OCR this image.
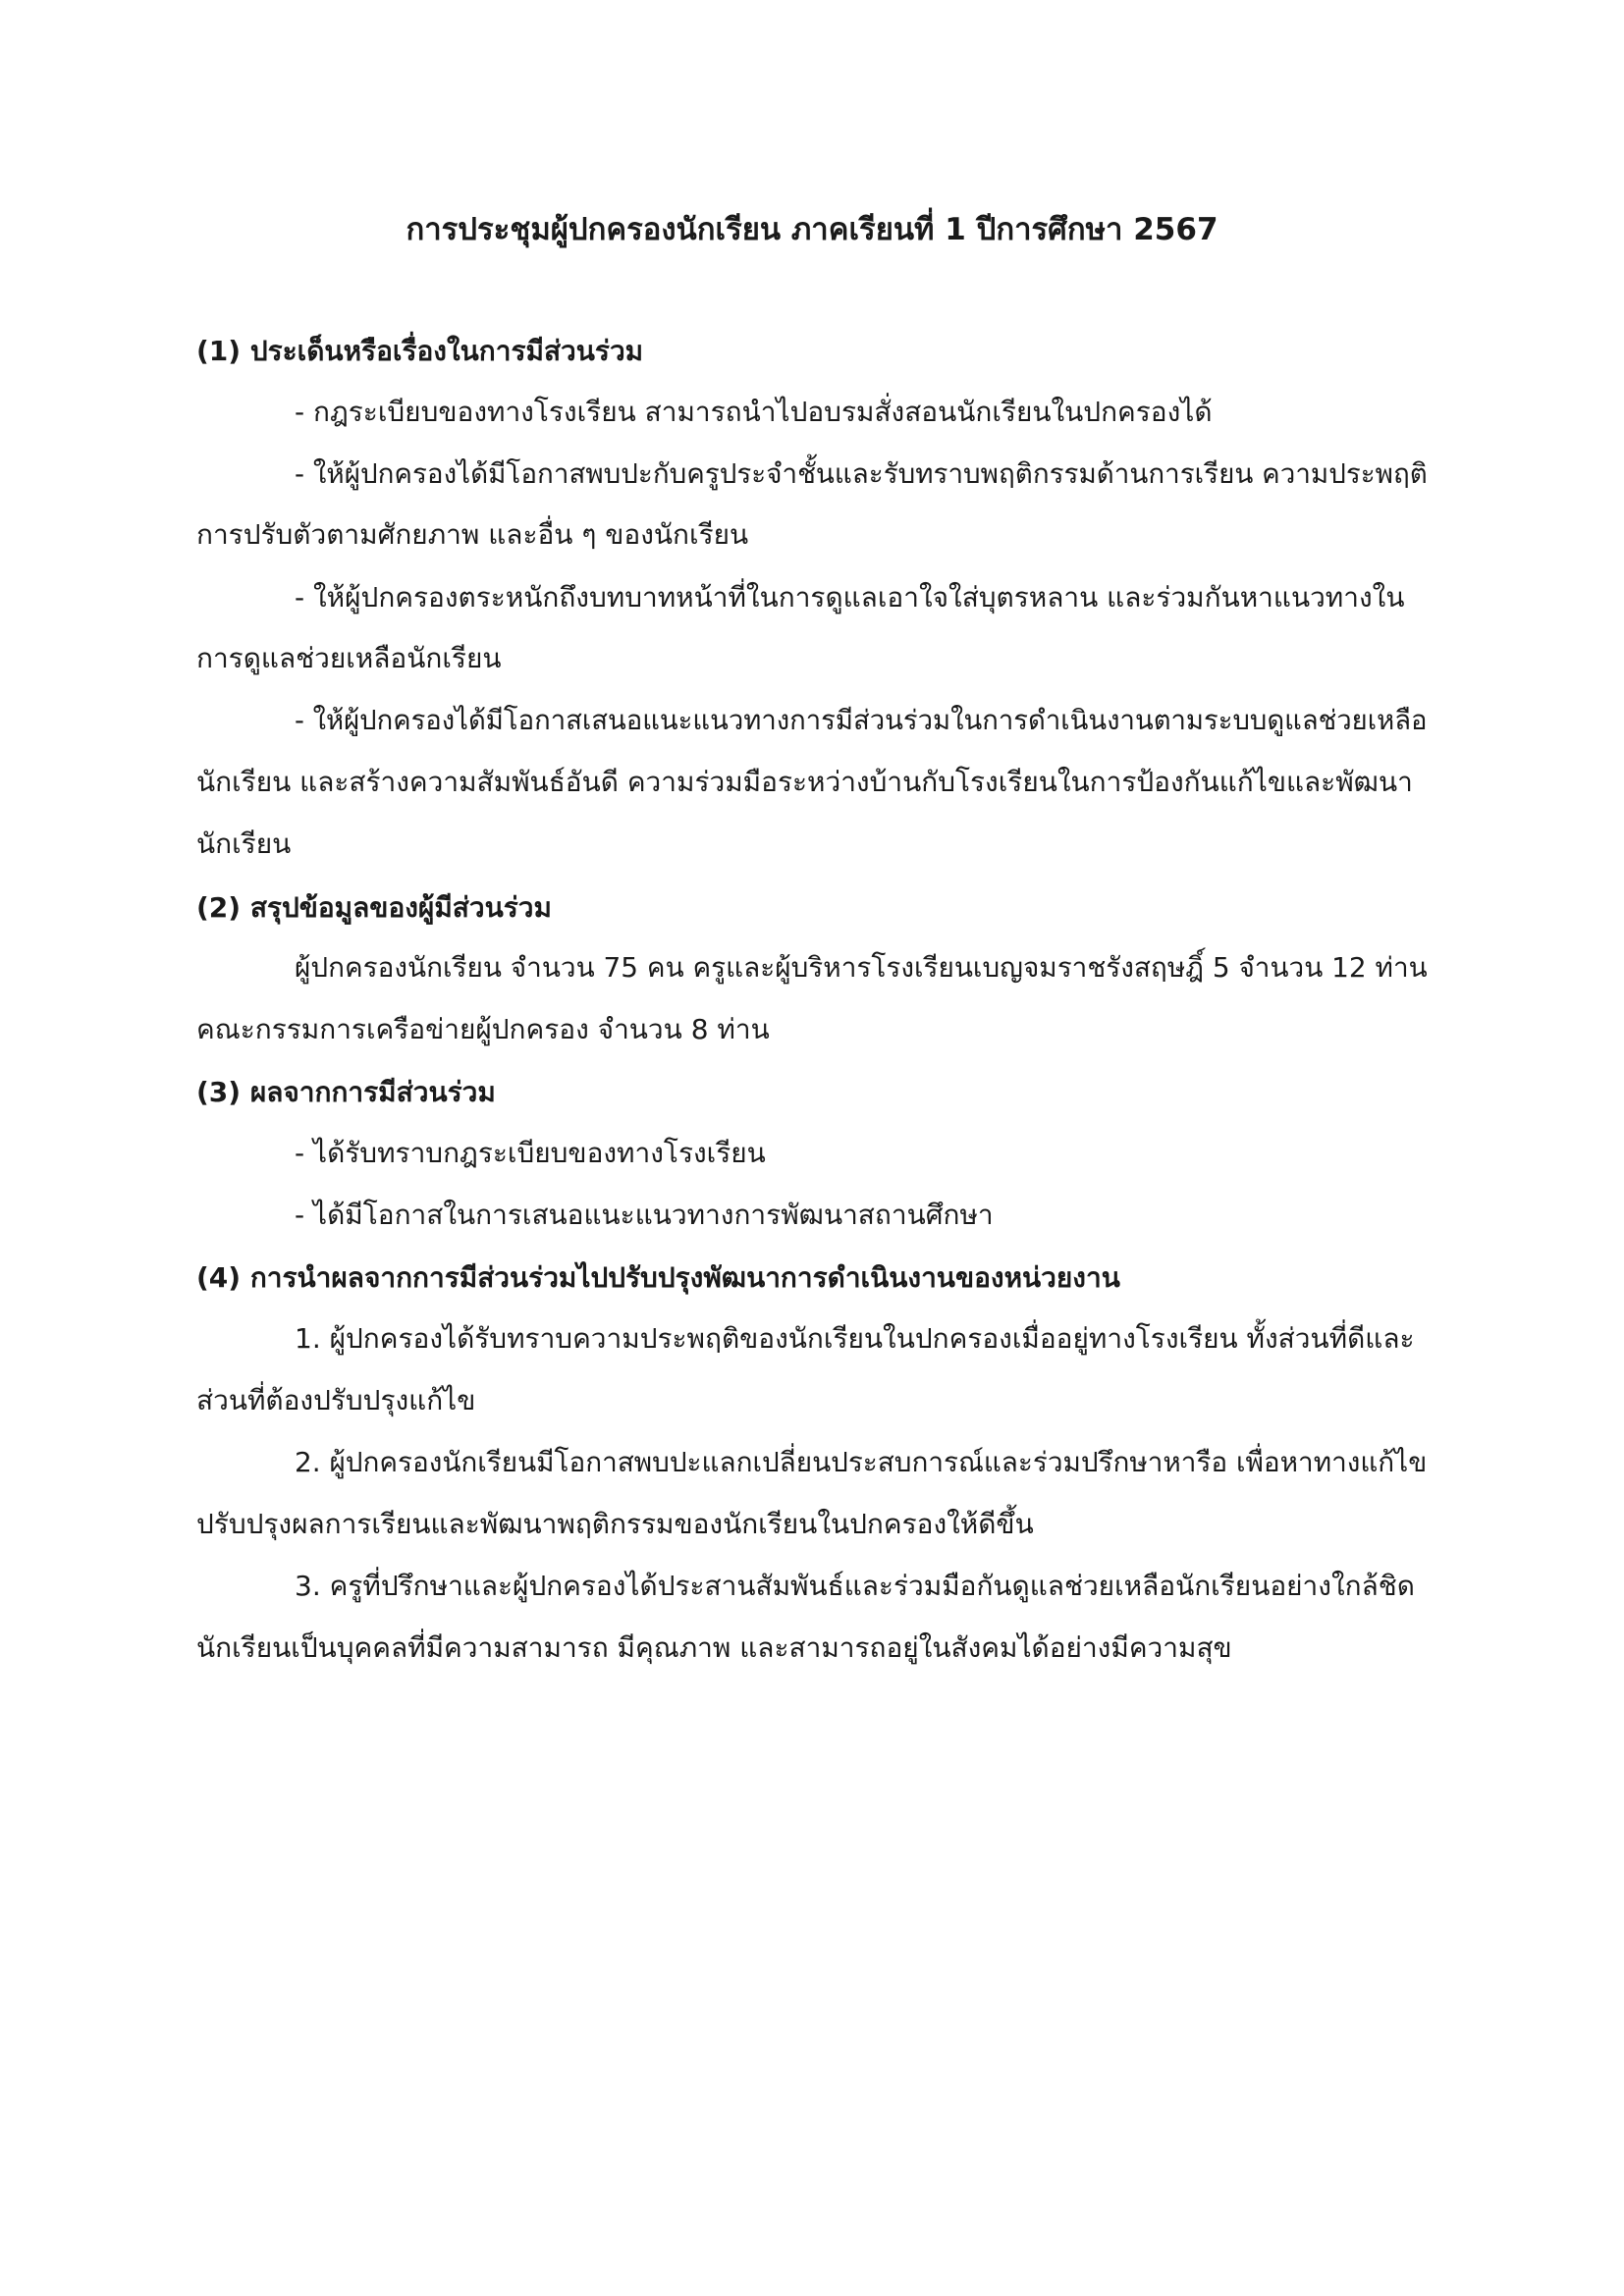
การประชุมผู้ปกครองนักเรียน ภาคเรียนที่ 1 ปีการศึกษา 2567
(1) ประเด็นหรือเรื่องในการมีส่วนร่วม
- กฎระเบียบของทางโรงเรียน สามารถนำไปอบรมสั่งสอนนักเรียนในปกครองได้
- ให้ผู้ปกครองได้มีโอกาสพบปะกับครูประจำชั้นและรับทราบพฤติกรรมด้านการเรียน ความประพฤติ
การปรับตัวตามศักยภาพ และอื่น ๆ ของนักเรียน
- ให้ผู้ปกครองตระหนักถึงบทบาทหน้าที่ในการดูแลเอาใจใส่บุตรหลาน และร่วมกันหาแนวทางใน
การดูแลช่วยเหลือนักเรียน
- ให้ผู้ปกครองได้มีโอกาสเสนอแนะแนวทางการมีส่วนร่วมในการดำเนินงานตามระบบดูแลช่วยเหลือ
นักเรียน และสร้างความสัมพันธ์อันดี ความร่วมมือระหว่างบ้านกับโรงเรียนในการป้องกันแก้ไขและพัฒนา
นักเรียน
(2) สรุปข้อมูลของผู้มีส่วนร่วม
ผู้ปกครองนักเรียน จำนวน 75 คน ครูและผู้บริหารโรงเรียนเบญจมราชรังสฤษฎิ์ 5 จำนวน 12 ท่าน
คณะกรรมการเครือข่ายผู้ปกครอง จำนวน 8 ท่าน
(3) ผลจากการมีส่วนร่วม
- ได้รับทราบกฎระเบียบของทางโรงเรียน
- ได้มีโอกาสในการเสนอแนะแนวทางการพัฒนาสถานศึกษา
(4) การนำผลจากการมีส่วนร่วมไปปรับปรุงพัฒนาการดำเนินงานของหน่วยงาน
1. ผู้ปกครองได้รับทราบความประพฤติของนักเรียนในปกครองเมื่ออยู่ทางโรงเรียน ทั้งส่วนที่ดีและ
ส่วนที่ต้องปรับปรุงแก้ไข
2. ผู้ปกครองนักเรียนมีโอกาสพบปะแลกเปลี่ยนประสบการณ์และร่วมปรึกษาหารือ เพื่อหาทางแก้ไข
ปรับปรุงผลการเรียนและพัฒนาพฤติกรรมของนักเรียนในปกครองให้ดีขึ้น
3. ครูที่ปรึกษาและผู้ปกครองได้ประสานสัมพันธ์และร่วมมือกันดูแลช่วยเหลือนักเรียนอย่างใกล้ชิด
นักเรียนเป็นบุคคลที่มีความสามารถ มีคุณภาพ และสามารถอยู่ในสังคมได้อย่างมีความสุข
